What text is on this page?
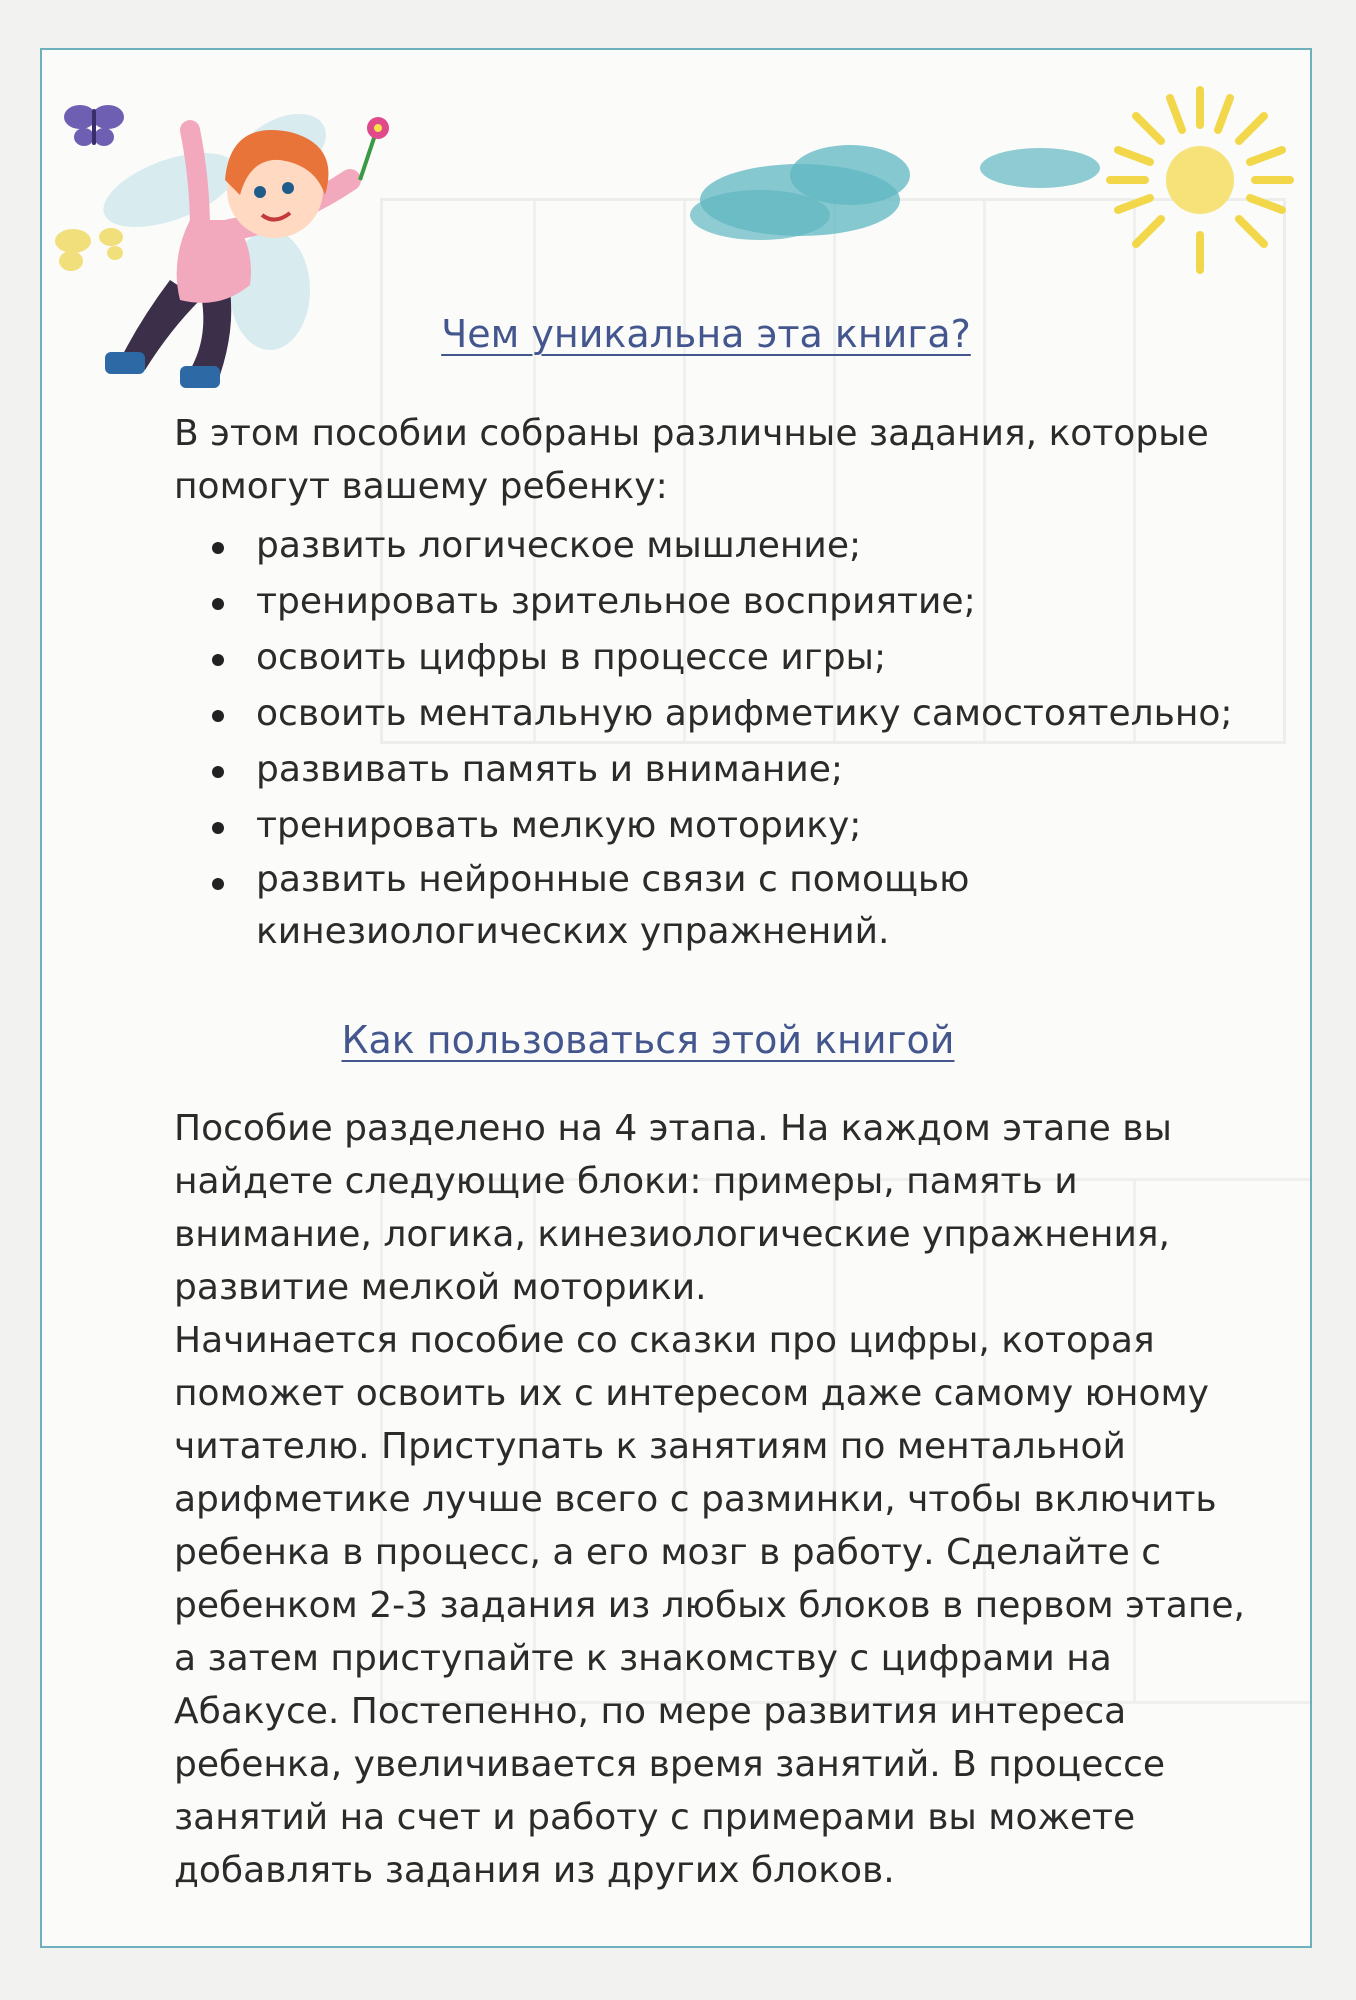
Чем уникальна эта книга?

В этом пособии собраны различные задания, которые помогут вашему ребенку:

развить логическое мышление;
тренировать зрительное восприятие;
освоить цифры в процессе игры;
освоить ментальную арифметику самостоятельно;
развивать память и внимание;
тренировать мелкую моторику;
развить нейронные связи с помощью кинезиологических упражнений.
Как пользоваться этой книгой

Пособие разделено на 4 этапа. На каждом этапе вы найдете следующие блоки: примеры, память и внимание, логика, кинезиологические упражнения, развитие мелкой моторики.

Начинается пособие со сказки про цифры, которая поможет освоить их с интересом даже самому юному читателю. Приступать к занятиям по ментальной арифметике лучше всего с разминки, чтобы включить ребенка в процесс, а его мозг в работу. Сделайте с ребенком 2-3 задания из любых блоков в первом этапе, а затем приступайте к знакомству с цифрами на Абакусе. Постепенно, по мере развития интереса ребенка, увеличивается время занятий. В процессе занятий на счет и работу с примерами вы можете добавлять задания из других блоков.
